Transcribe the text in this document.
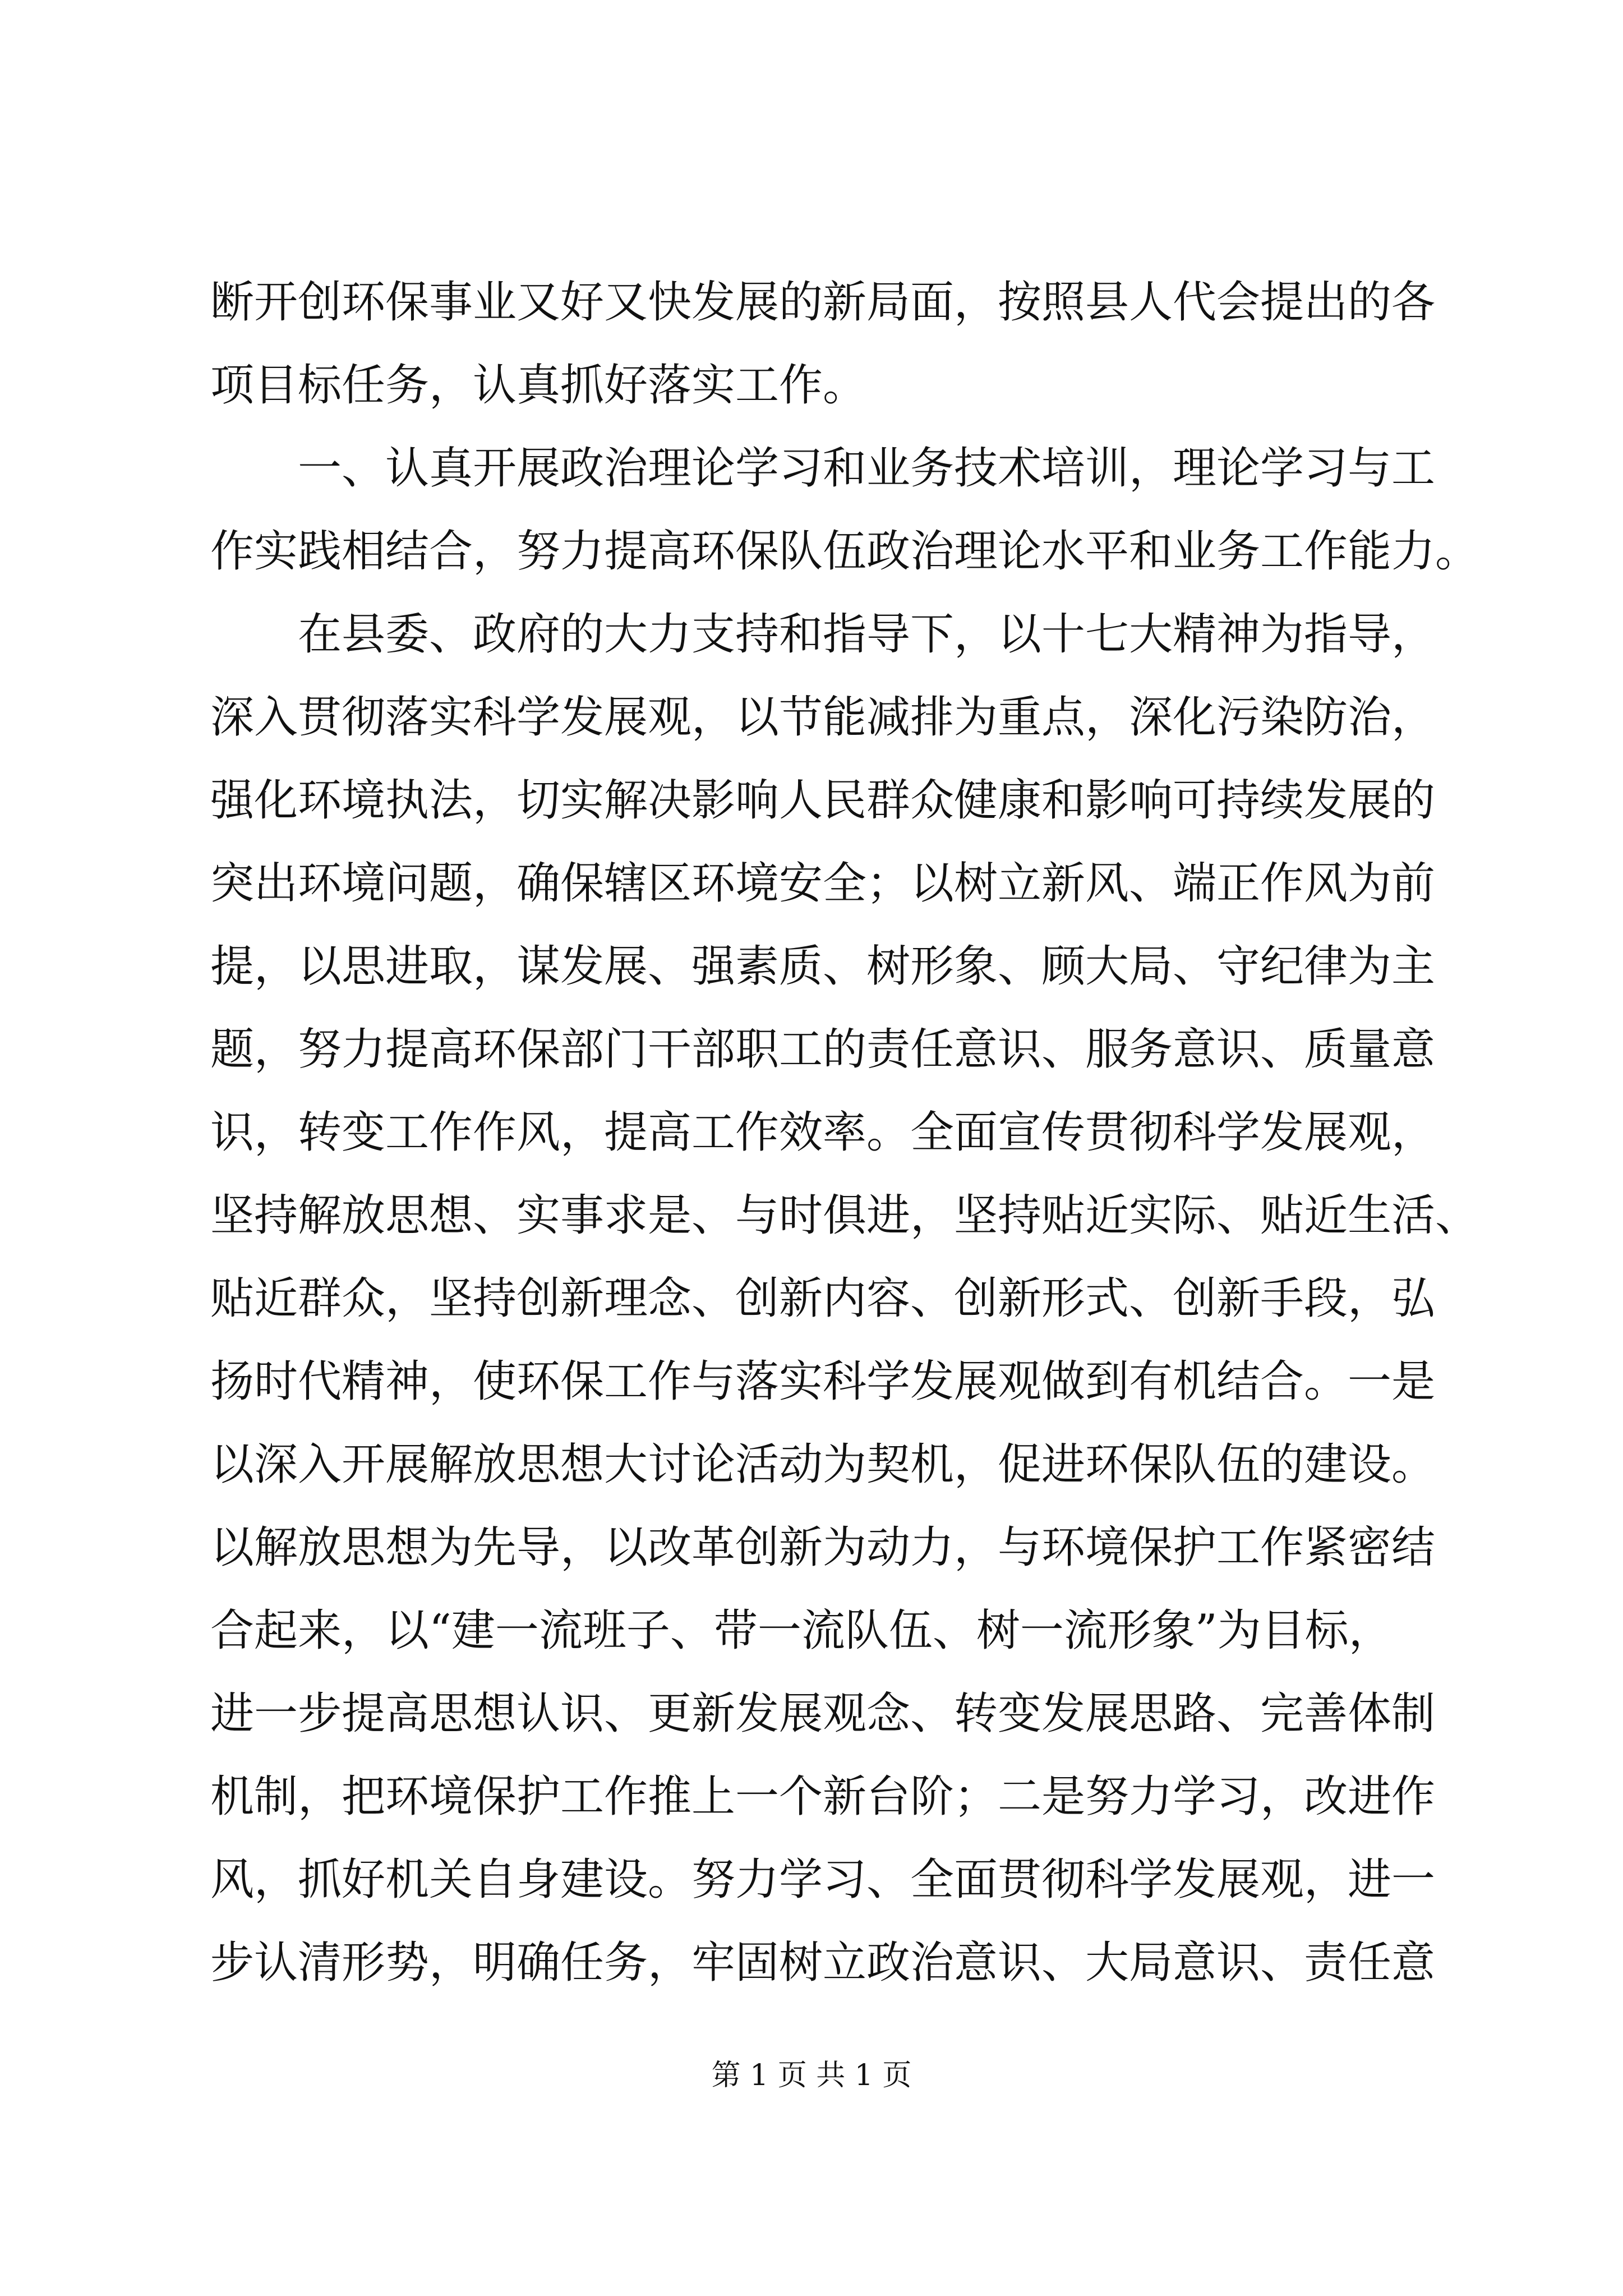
断开创环保事业又好又快发展的新局面，按照县人代会提出的各
项目标任务，认真抓好落实工作。
一、认真开展政治理论学习和业务技术培训，理论学习与工
作实践相结合，努力提高环保队伍政治理论水平和业务工作能力。
在县委、政府的大力支持和指导下，以十七大精神为指导，
深入贯彻落实科学发展观，以节能减排为重点，深化污染防治，
强化环境执法，切实解决影响人民群众健康和影响可持续发展的
突出环境问题，确保辖区环境安全；以树立新风、端正作风为前
提，以思进取，谋发展、强素质、树形象、顾大局、守纪律为主
题，努力提高环保部门干部职工的责任意识、服务意识、质量意
识，转变工作作风，提高工作效率。全面宣传贯彻科学发展观，
坚持解放思想、实事求是、与时俱进，坚持贴近实际、贴近生活、
贴近群众，坚持创新理念、创新内容、创新形式、创新手段，弘
扬时代精神，使环保工作与落实科学发展观做到有机结合。一是
以深入开展解放思想大讨论活动为契机，促进环保队伍的建设。
以解放思想为先导，以改革创新为动力，与环境保护工作紧密结
合起来，以“建一流班子、带一流队伍、树一流形象”为目标，
进一步提高思想认识、更新发展观念、转变发展思路、完善体制
机制，把环境保护工作推上一个新台阶；二是努力学习，改进作
风，抓好机关自身建设。努力学习、全面贯彻科学发展观，进一
步认清形势，明确任务，牢固树立政治意识、大局意识、责任意
第 1 页 共 1 页
